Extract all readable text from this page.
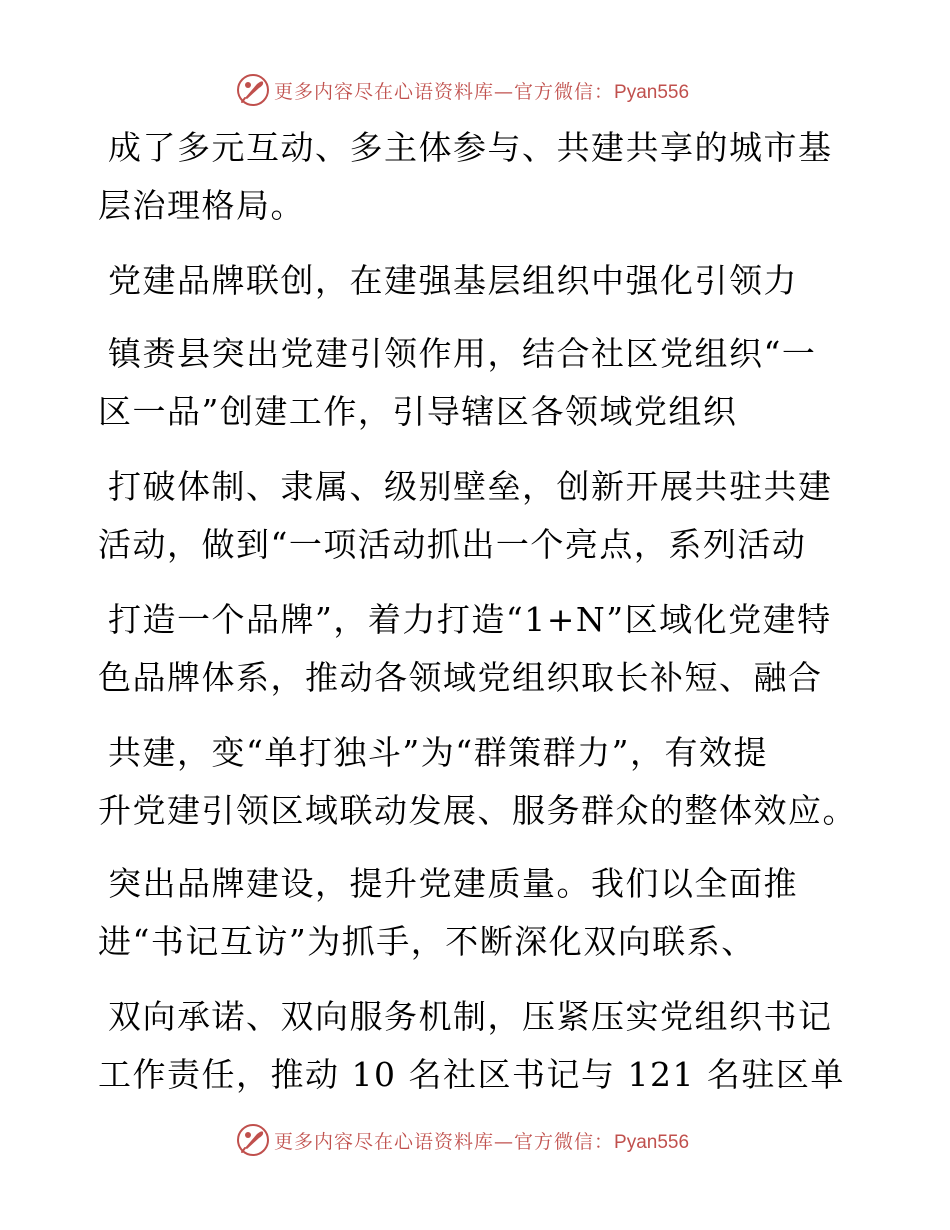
更多内容尽在心语资料库—官方微信：Pyan556
成了多元互动、多主体参与、共建共享的城市基
层治理格局。
党建品牌联创，在建强基层组织中强化引领力
镇赉县突出党建引领作用，结合社区党组织“一
区一品”创建工作，引导辖区各领域党组织
打破体制、隶属、级别壁垒，创新开展共驻共建
活动，做到“一项活动抓出一个亮点，系列活动
打造一个品牌”，着力打造“1+N”区域化党建特
色品牌体系，推动各领域党组织取长补短、融合
共建，变“单打独斗”为“群策群力”，有效提
升党建引领区域联动发展、服务群众的整体效应。
突出品牌建设，提升党建质量。我们以全面推
进“书记互访”为抓手，不断深化双向联系、
双向承诺、双向服务机制，压紧压实党组织书记
工作责任，推动 10 名社区书记与 121 名驻区单
更多内容尽在心语资料库—官方微信：Pyan556
